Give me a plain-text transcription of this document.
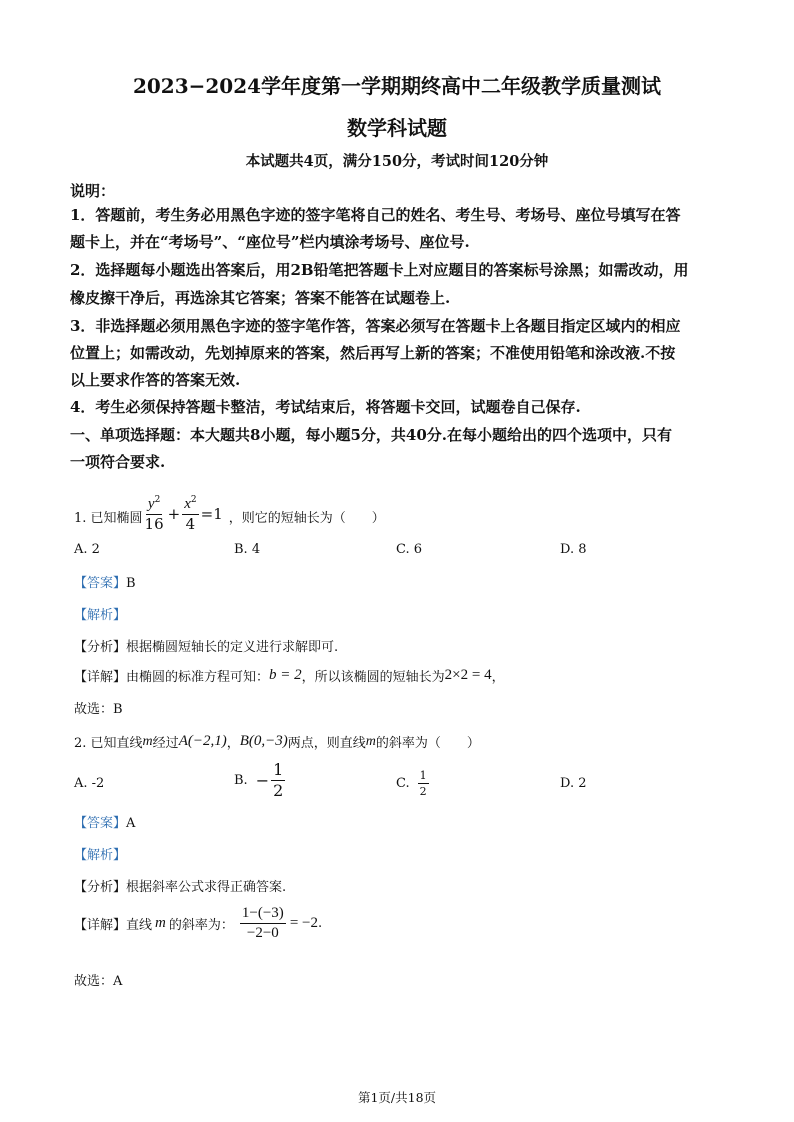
2023−2024学年度第一学期期终高中二年级教学质量测试
数学科试题
本试题共4页，满分150分，考试时间120分钟
说明：
1．答题前，考生务必用黑色字迹的签字笔将自己的姓名、考生号、考场号、座位号填写在答
题卡上，并在“考场号”、“座位号”栏内填涂考场号、座位号.
2．选择题每小题选出答案后，用2B铅笔把答题卡上对应题目的答案标号涂黑；如需改动，用
橡皮擦干净后，再选涂其它答案；答案不能答在试题卷上.
3．非选择题必须用黑色字迹的签字笔作答，答案必须写在答题卡上各题目指定区域内的相应
位置上；如需改动，先划掉原来的答案，然后再写上新的答案；不准使用铅笔和涂改液.不按
以上要求作答的答案无效.
4．考生必须保持答题卡整洁，考试结束后，将答题卡交回，试题卷自己保存.
一、单项选择题：本大题共8小题，每小题5分，共40分.在每小题给出的四个选项中，只有
一项符合要求.
1. 已知椭圆 $\frac{y^2}{16} + \frac{x^2}{4} =1$ ，则它的短轴长为（　　）
A. 2	B. 4	C. 6	D. 8
【答案】B
【解析】
【分析】根据椭圆短轴长的定义进行求解即可.
【详解】 由椭圆的标准方程可知： b = 2 ，所以该椭圆的短轴长为 2×2 = 4 ，
故选：B
2. 已知直线 m 经过 A(−2,1) ， B(0,−3) 两点，则直线 m 的斜率为（　　）
A. -2	B. − $\frac{1}{2}$	C. $\frac{1}{2}$	D. 2
【答案】A
【解析】
【分析】根据斜率公式求得正确答案.
【详解】 直线 m 的斜率为： $\frac{1-(-3)}{-2-0} = -2$ .
故选：A
第1页/共18页
